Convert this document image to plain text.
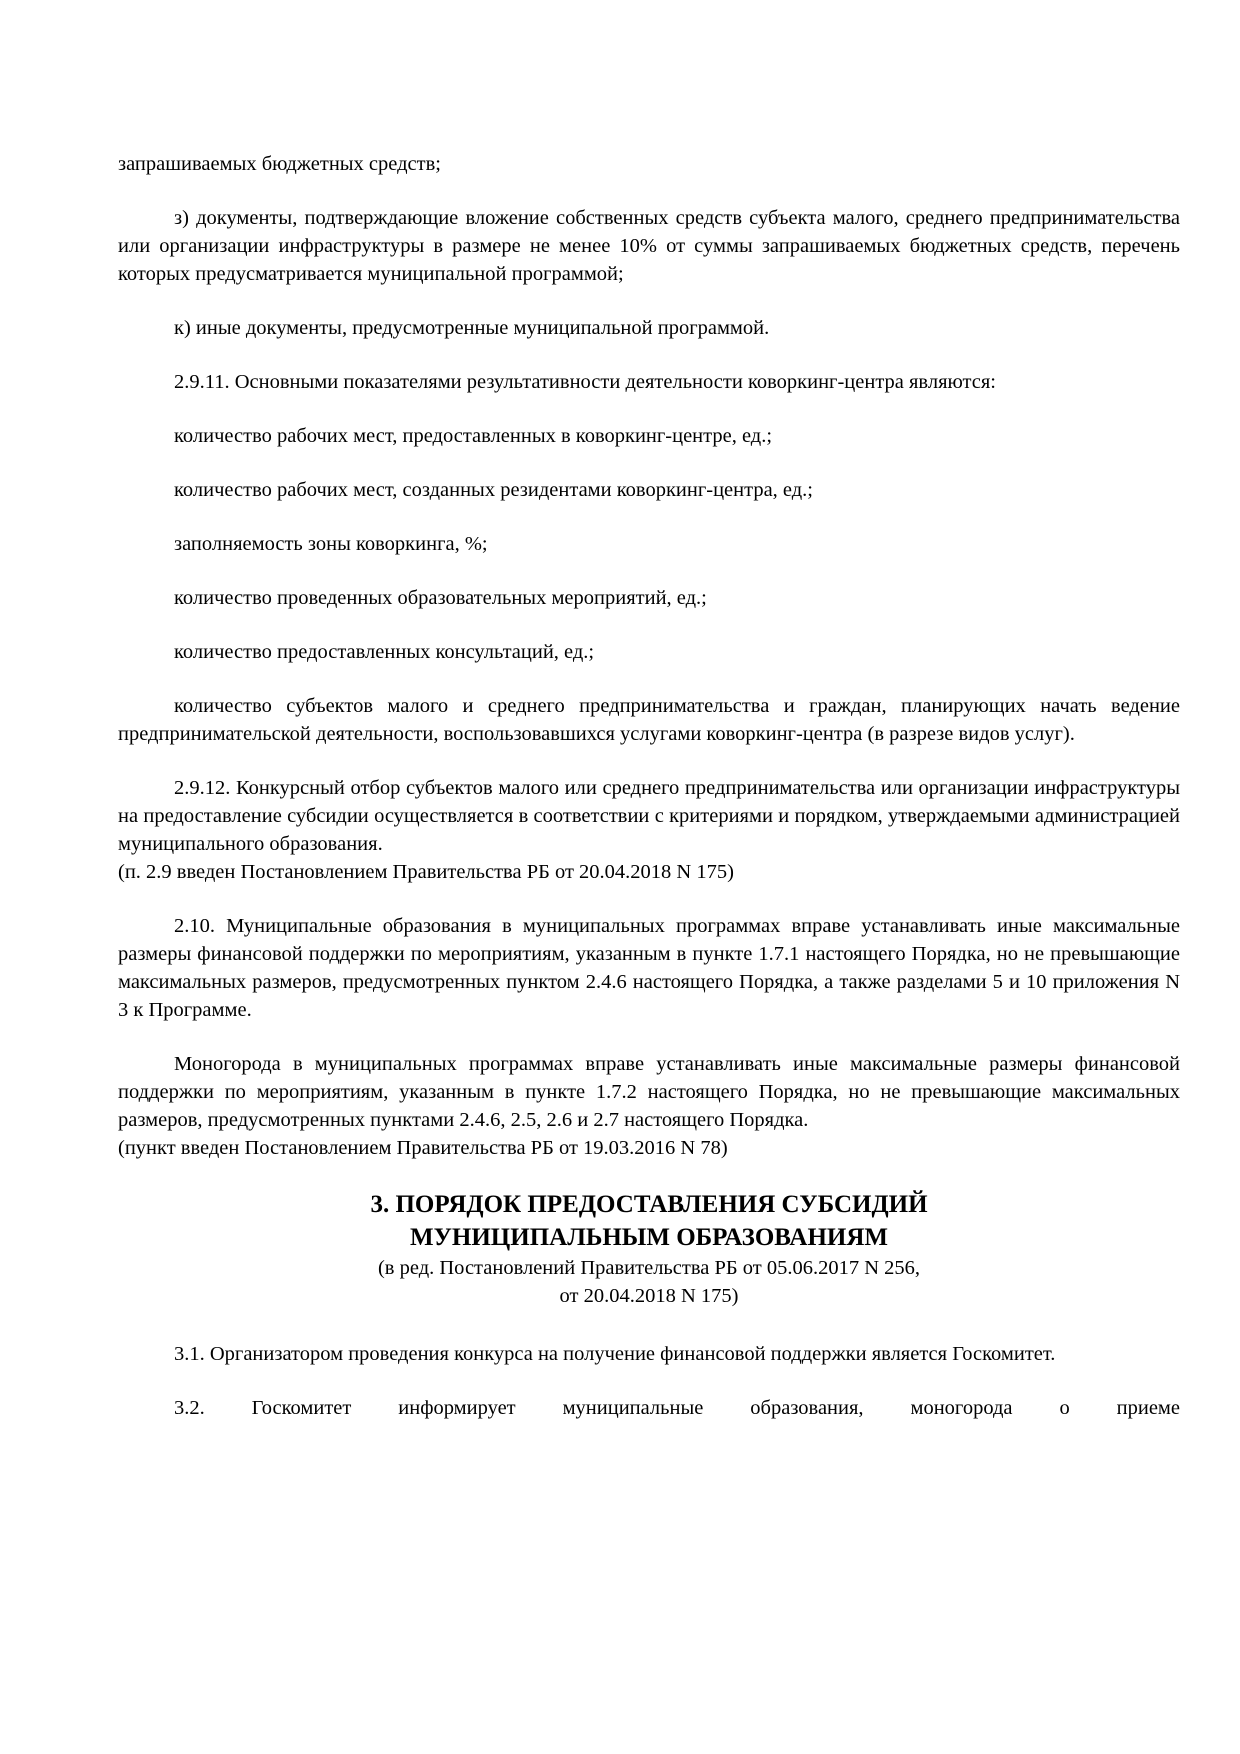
запрашиваемых бюджетных средств;

з) документы, подтверждающие вложение собственных средств субъекта малого, среднего предпринимательства или организации инфраструктуры в размере не менее 10% от суммы запрашиваемых бюджетных средств, перечень которых предусматривается муниципальной программой;

к) иные документы, предусмотренные муниципальной программой.

2.9.11. Основными показателями результативности деятельности коворкинг-центра являются:

количество рабочих мест, предоставленных в коворкинг-центре, ед.;

количество рабочих мест, созданных резидентами коворкинг-центра, ед.;

заполняемость зоны коворкинга, %;

количество проведенных образовательных мероприятий, ед.;

количество предоставленных консультаций, ед.;

количество субъектов малого и среднего предпринимательства и граждан, планирующих начать ведение предпринимательской деятельности, воспользовавшихся услугами коворкинг-центра (в разрезе видов услуг).

2.9.12. Конкурсный отбор субъектов малого или среднего предпринимательства или организации инфраструктуры на предоставление субсидии осуществляется в соответствии с критериями и порядком, утверждаемыми администрацией муниципального образования.

(п. 2.9 введен Постановлением Правительства РБ от 20.04.2018 N 175)

2.10. Муниципальные образования в муниципальных программах вправе устанавливать иные максимальные размеры финансовой поддержки по мероприятиям, указанным в пункте 1.7.1 настоящего Порядка, но не превышающие максимальных размеров, предусмотренных пунктом 2.4.6 настоящего Порядка, а также разделами 5 и 10 приложения N 3 к Программе.

Моногорода в муниципальных программах вправе устанавливать иные максимальные размеры финансовой поддержки по мероприятиям, указанным в пункте 1.7.2 настоящего Порядка, но не превышающие максимальных размеров, предусмотренных пунктами 2.4.6, 2.5, 2.6 и 2.7 настоящего Порядка.

(пункт введен Постановлением Правительства РБ от 19.03.2016 N 78)

3. ПОРЯДОК ПРЕДОСТАВЛЕНИЯ СУБСИДИЙ
МУНИЦИПАЛЬНЫМ ОБРАЗОВАНИЯМ
(в ред. Постановлений Правительства РБ от 05.06.2017 N 256,
от 20.04.2018 N 175)

3.1. Организатором проведения конкурса на получение финансовой поддержки является Госкомитет.

3.2. Госкомитет информирует муниципальные образования, моногорода о приеме
